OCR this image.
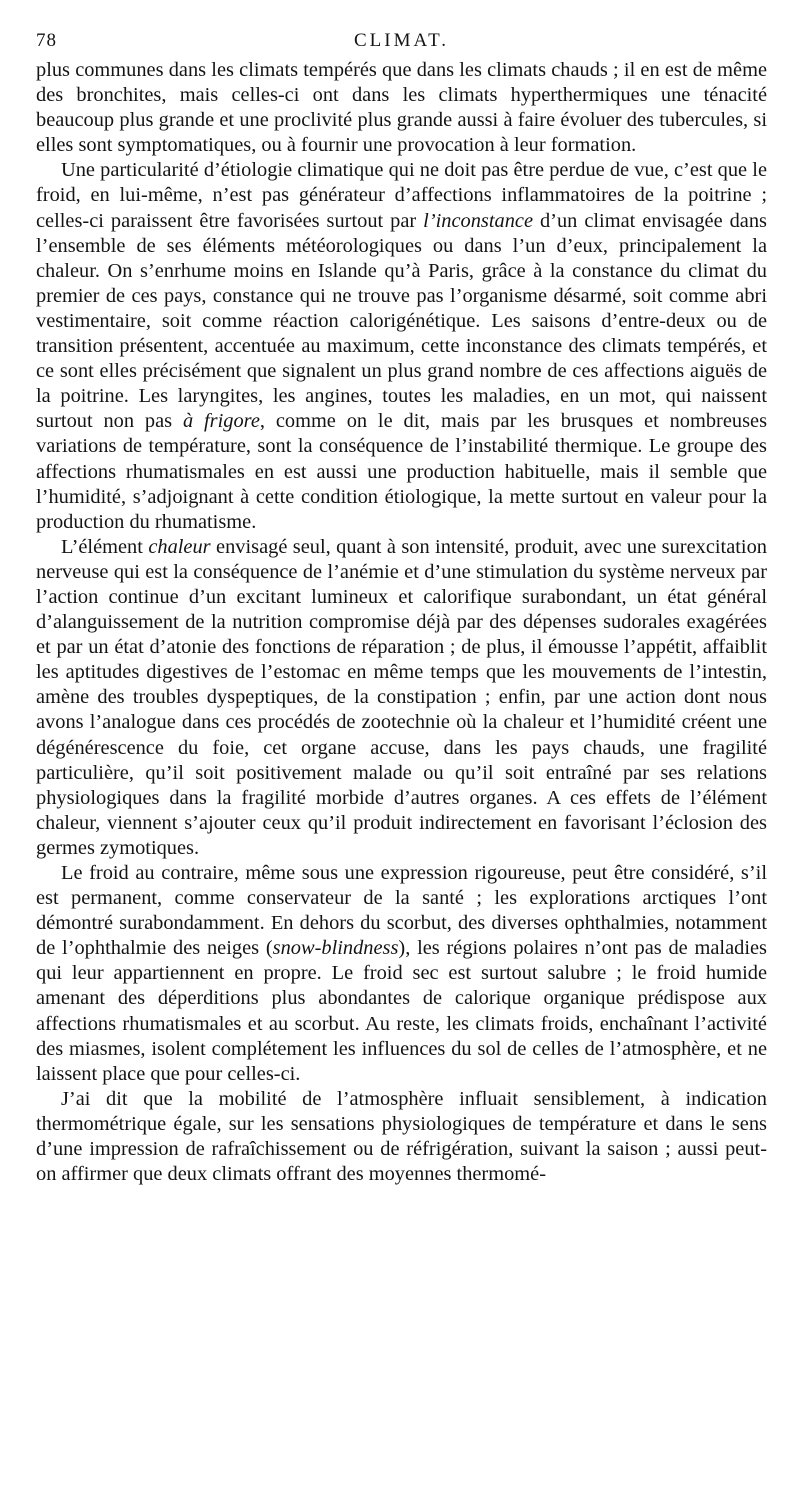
78	CLIMAT.

plus communes dans les climats tempérés que dans les climats chauds ; il en est de même des bronchites, mais celles-ci ont dans les climats hyperthermiques une ténacité beaucoup plus grande et une proclivité plus grande aussi à faire évoluer des tubercules, si elles sont symptomatiques, ou à fournir une provocation à leur formation.

Une particularité d’étiologie climatique qui ne doit pas être perdue de vue, c’est que le froid, en lui-même, n’est pas générateur d’affections inflammatoires de la poitrine ; celles-ci paraissent être favorisées surtout par l’inconstance d’un climat envisagée dans l’ensemble de ses éléments météorologiques ou dans l’un d’eux, principalement la chaleur. On s’enrhume moins en Islande qu’à Paris, grâce à la constance du climat du premier de ces pays, constance qui ne trouve pas l’organisme désarmé, soit comme abri vestimentaire, soit comme réaction calorigénétique. Les saisons d’entre-deux ou de transition présentent, accentuée au maximum, cette inconstance des climats tempérés, et ce sont elles précisément que signalent un plus grand nombre de ces affections aiguës de la poitrine. Les laryngites, les angines, toutes les maladies, en un mot, qui naissent surtout non pas à frigore, comme on le dit, mais par les brusques et nombreuses variations de température, sont la conséquence de l’instabilité thermique. Le groupe des affections rhumatismales en est aussi une production habituelle, mais il semble que l’humidité, s’adjoignant à cette condition étiologique, la mette surtout en valeur pour la production du rhumatisme.

L’élément chaleur envisagé seul, quant à son intensité, produit, avec une surexcitation nerveuse qui est la conséquence de l’anémie et d’une stimulation du système nerveux par l’action continue d’un excitant lumineux et calorifique surabondant, un état général d’alanguissement de la nutrition compromise déjà par des dépenses sudorales exagérées et par un état d’atonie des fonctions de réparation ; de plus, il émousse l’appétit, affaiblit les aptitudes digestives de l’estomac en même temps que les mouvements de l’intestin, amène des troubles dyspeptiques, de la constipation ; enfin, par une action dont nous avons l’analogue dans ces procédés de zootechnie où la chaleur et l’humidité créent une dégénérescence du foie, cet organe accuse, dans les pays chauds, une fragilité particulière, qu’il soit positivement malade ou qu’il soit entraîné par ses relations physiologiques dans la fragilité morbide d’autres organes. A ces effets de l’élément chaleur, viennent s’ajouter ceux qu’il produit indirectement en favorisant l’éclosion des germes zymotiques.

Le froid au contraire, même sous une expression rigoureuse, peut être considéré, s’il est permanent, comme conservateur de la santé ; les explorations arctiques l’ont démontré surabondamment. En dehors du scorbut, des diverses ophthalmies, notamment de l’ophthalmie des neiges (snow-blindness), les régions polaires n’ont pas de maladies qui leur appartiennent en propre. Le froid sec est surtout salubre ; le froid humide amenant des déperditions plus abondantes de calorique organique prédispose aux affections rhumatismales et au scorbut. Au reste, les climats froids, enchaînant l’activité des miasmes, isolent complétement les influences du sol de celles de l’atmosphère, et ne laissent place que pour celles-ci.

J’ai dit que la mobilité de l’atmosphère influait sensiblement, à indication thermométrique égale, sur les sensations physiologiques de température et dans le sens d’une impression de rafraîchissement ou de réfrigération, suivant la saison ; aussi peut-on affirmer que deux climats offrant des moyennes thermomé-
